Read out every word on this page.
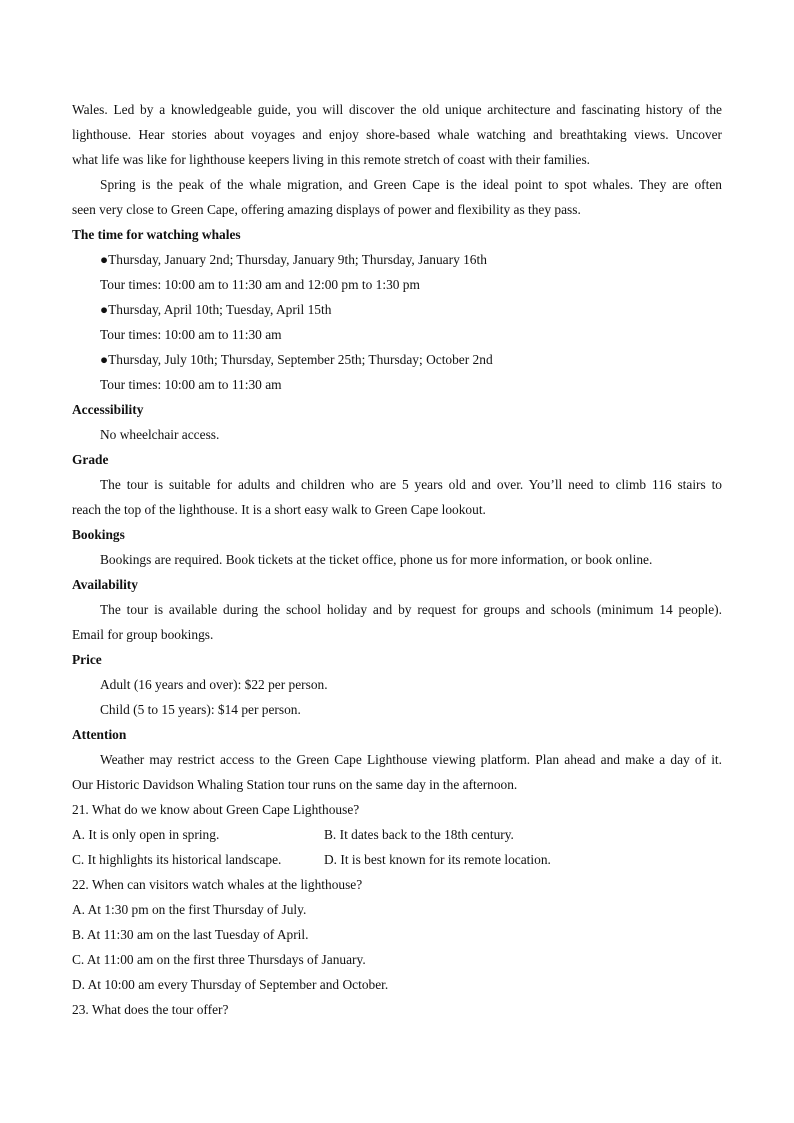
Wales. Led by a knowledgeable guide, you will discover the old unique architecture and fascinating history of the
lighthouse. Hear stories about voyages and enjoy shore-based whale watching and breathtaking views. Uncover
what life was like for lighthouse keepers living in this remote stretch of coast with their families.
Spring is the peak of the whale migration, and Green Cape is the ideal point to spot whales. They are often
seen very close to Green Cape, offering amazing displays of power and flexibility as they pass.
The time for watching whales
●Thursday, January 2nd; Thursday, January 9th; Thursday, January 16th
Tour times: 10:00 am to 11:30 am and 12:00 pm to 1:30 pm
●Thursday, April 10th; Tuesday, April 15th
Tour times: 10:00 am to 11:30 am
●Thursday, July 10th; Thursday, September 25th; Thursday; October 2nd
Tour times: 10:00 am to 11:30 am
Accessibility
No wheelchair access.
Grade
The tour is suitable for adults and children who are 5 years old and over. You’ll need to climb 116 stairs to
reach the top of the lighthouse. It is a short easy walk to Green Cape lookout.
Bookings
Bookings are required. Book tickets at the ticket office, phone us for more information, or book online.
Availability
The tour is available during the school holiday and by request for groups and schools (minimum 14 people).
Email for group bookings.
Price
Adult (16 years and over): $22 per person.
Child (5 to 15 years): $14 per person.
Attention
Weather may restrict access to the Green Cape Lighthouse viewing platform. Plan ahead and make a day of it.
Our Historic Davidson Whaling Station tour runs on the same day in the afternoon.
21. What do we know about Green Cape Lighthouse?
A. It is only open in spring.	B. It dates back to the 18th century.
C. It highlights its historical landscape.	D. It is best known for its remote location.
22. When can visitors watch whales at the lighthouse?
A. At 1:30 pm on the first Thursday of July.
B. At 11:30 am on the last Tuesday of April.
C. At 11:00 am on the first three Thursdays of January.
D. At 10:00 am every Thursday of September and October.
23. What does the tour offer?
